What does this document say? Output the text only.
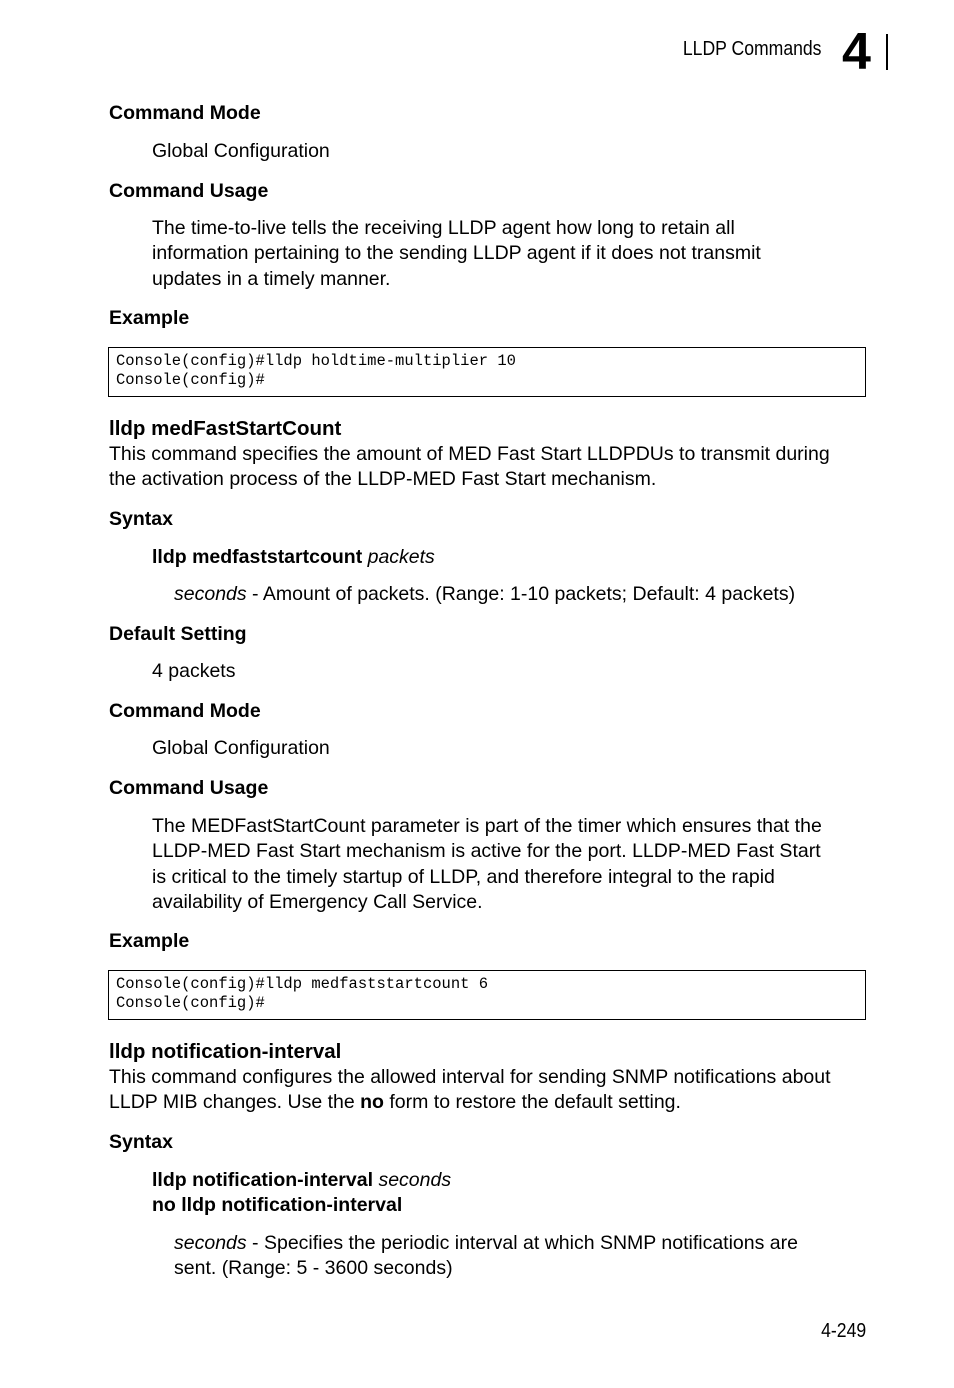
LLDP Commands 4
Command Mode
Global Configuration
Command Usage
The time-to-live tells the receiving LLDP agent how long to retain all
information pertaining to the sending LLDP agent if it does not transmit
updates in a timely manner.
Example
Console(config)#lldp holdtime-multiplier 10
Console(config)#
lldp medFastStartCount
This command specifies the amount of MED Fast Start LLDPDUs to transmit during
the activation process of the LLDP-MED Fast Start mechanism.
Syntax
lldp medfaststartcount packets
seconds - Amount of packets. (Range: 1-10 packets; Default: 4 packets)
Default Setting
4 packets
Command Mode
Global Configuration
Command Usage
The MEDFastStartCount parameter is part of the timer which ensures that the
LLDP-MED Fast Start mechanism is active for the port. LLDP-MED Fast Start
is critical to the timely startup of LLDP, and therefore integral to the rapid
availability of Emergency Call Service.
Example
Console(config)#lldp medfaststartcount 6
Console(config)#
lldp notification-interval
This command configures the allowed interval for sending SNMP notifications about
LLDP MIB changes. Use the no form to restore the default setting.
Syntax
lldp notification-interval seconds
no lldp notification-interval
seconds - Specifies the periodic interval at which SNMP notifications are
sent. (Range: 5 - 3600 seconds)
4-249
